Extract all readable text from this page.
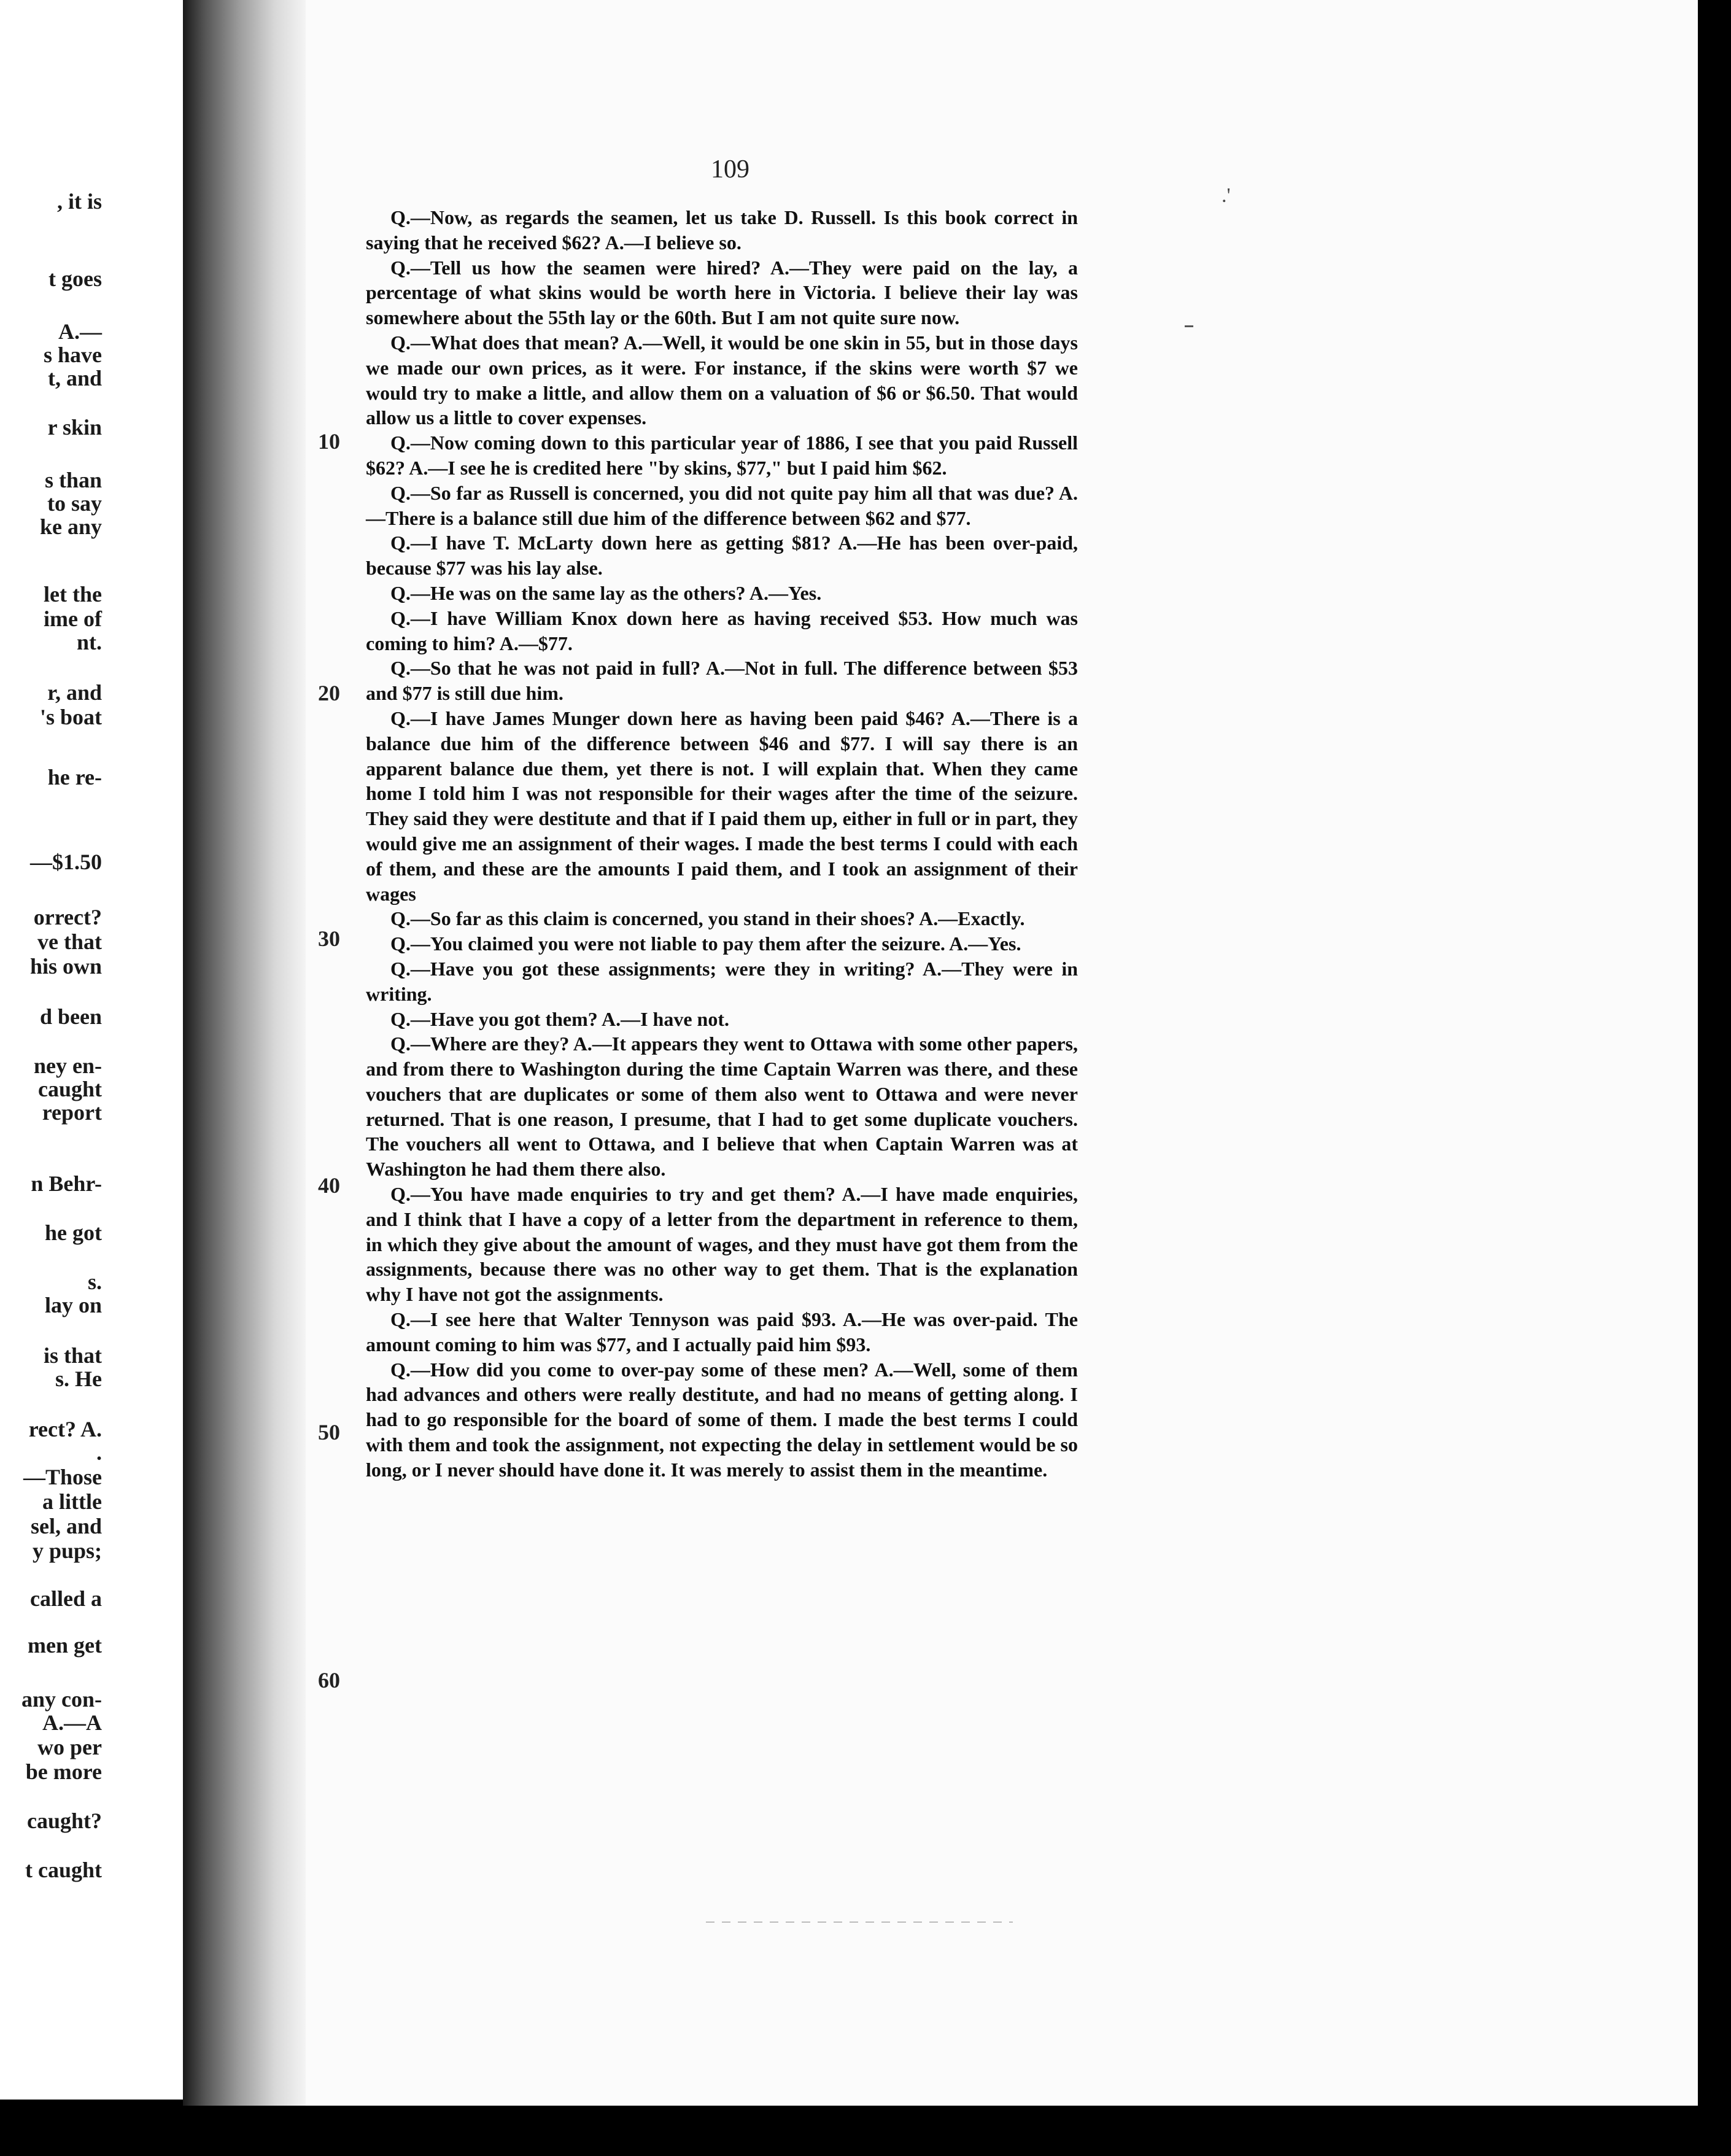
, it is
t goes
A.—
s have
t, and
r skin
s than
to say
ke any
let the
ime of
nt.
r, and
's boat
he re-
—$1.50
orrect?
ve that
his own
d been
ney en-
caught
report
n Behr-
he got
s.
lay on
is that
s. He
rect? A.
.
—Those
a little
sel, and
y pups;
called a
men get
any con-
A.—A
wo per
be more
caught?
t caught
109
.'
10
20
30
40
50
60

Q.—Now, as regards the seamen, let us take D. Russell. Is this book correct in saying that he received $62? A.—I believe so.

Q.—Tell us how the seamen were hired? A.—They were paid on the lay, a percentage of what skins would be worth here in Victoria. I believe their lay was somewhere about the 55th lay or the 60th. But I am not quite sure now.

Q.—What does that mean? A.—Well, it would be one skin in 55, but in those days we made our own prices, as it were. For instance, if the skins were worth $7 we would try to make a little, and allow them on a valuation of $6 or $6.50. That would allow us a little to cover expenses.

Q.—Now coming down to this particular year of 1886, I see that you paid Russell $62? A.—I see he is credited here "by skins, $77," but I paid him $62.

Q.—So far as Russell is concerned, you did not quite pay him all that was due? A.—There is a balance still due him of the difference between $62 and $77.

Q.—I have T. McLarty down here as getting $81? A.—He has been over-paid, because $77 was his lay alse.

Q.—He was on the same lay as the others? A.—Yes.

Q.—I have William Knox down here as having received $53. How much was coming to him? A.—$77.

Q.—So that he was not paid in full? A.—Not in full. The difference between $53 and $77 is still due him.

Q.—I have James Munger down here as having been paid $46? A.—There is a balance due him of the difference between $46 and $77. I will say there is an apparent balance due them, yet there is not. I will explain that. When they came home I told him I was not responsible for their wages after the time of the seizure. They said they were destitute and that if I paid them up, either in full or in part, they would give me an assignment of their wages. I made the best terms I could with each of them, and these are the amounts I paid them, and I took an assignment of their wages

Q.—So far as this claim is concerned, you stand in their shoes? A.—Exactly.

Q.—You claimed you were not liable to pay them after the seizure. A.—Yes.

Q.—Have you got these assignments; were they in writing? A.—They were in writing.

Q.—Have you got them? A.—I have not.

Q.—Where are they? A.—It appears they went to Ottawa with some other papers, and from there to Washington during the time Captain Warren was there, and these vouchers that are duplicates or some of them also went to Ottawa and were never returned. That is one reason, I presume, that I had to get some duplicate vouchers. The vouchers all went to Ottawa, and I believe that when Captain Warren was at Washington he had them there also.

Q.—You have made enquiries to try and get them? A.—I have made enquiries, and I think that I have a copy of a letter from the department in reference to them, in which they give about the amount of wages, and they must have got them from the assignments, because there was no other way to get them. That is the explanation why I have not got the assignments.

Q.—I see here that Walter Tennyson was paid $93. A.—He was over-paid. The amount coming to him was $77, and I actually paid him $93.

Q.—How did you come to over-pay some of these men? A.—Well, some of them had advances and others were really destitute, and had no means of getting along. I had to go responsible for the board of some of them. I made the best terms I could with them and took the assignment, not expecting the delay in settlement would be so long, or I never should have done it. It was merely to assist them in the meantime.
